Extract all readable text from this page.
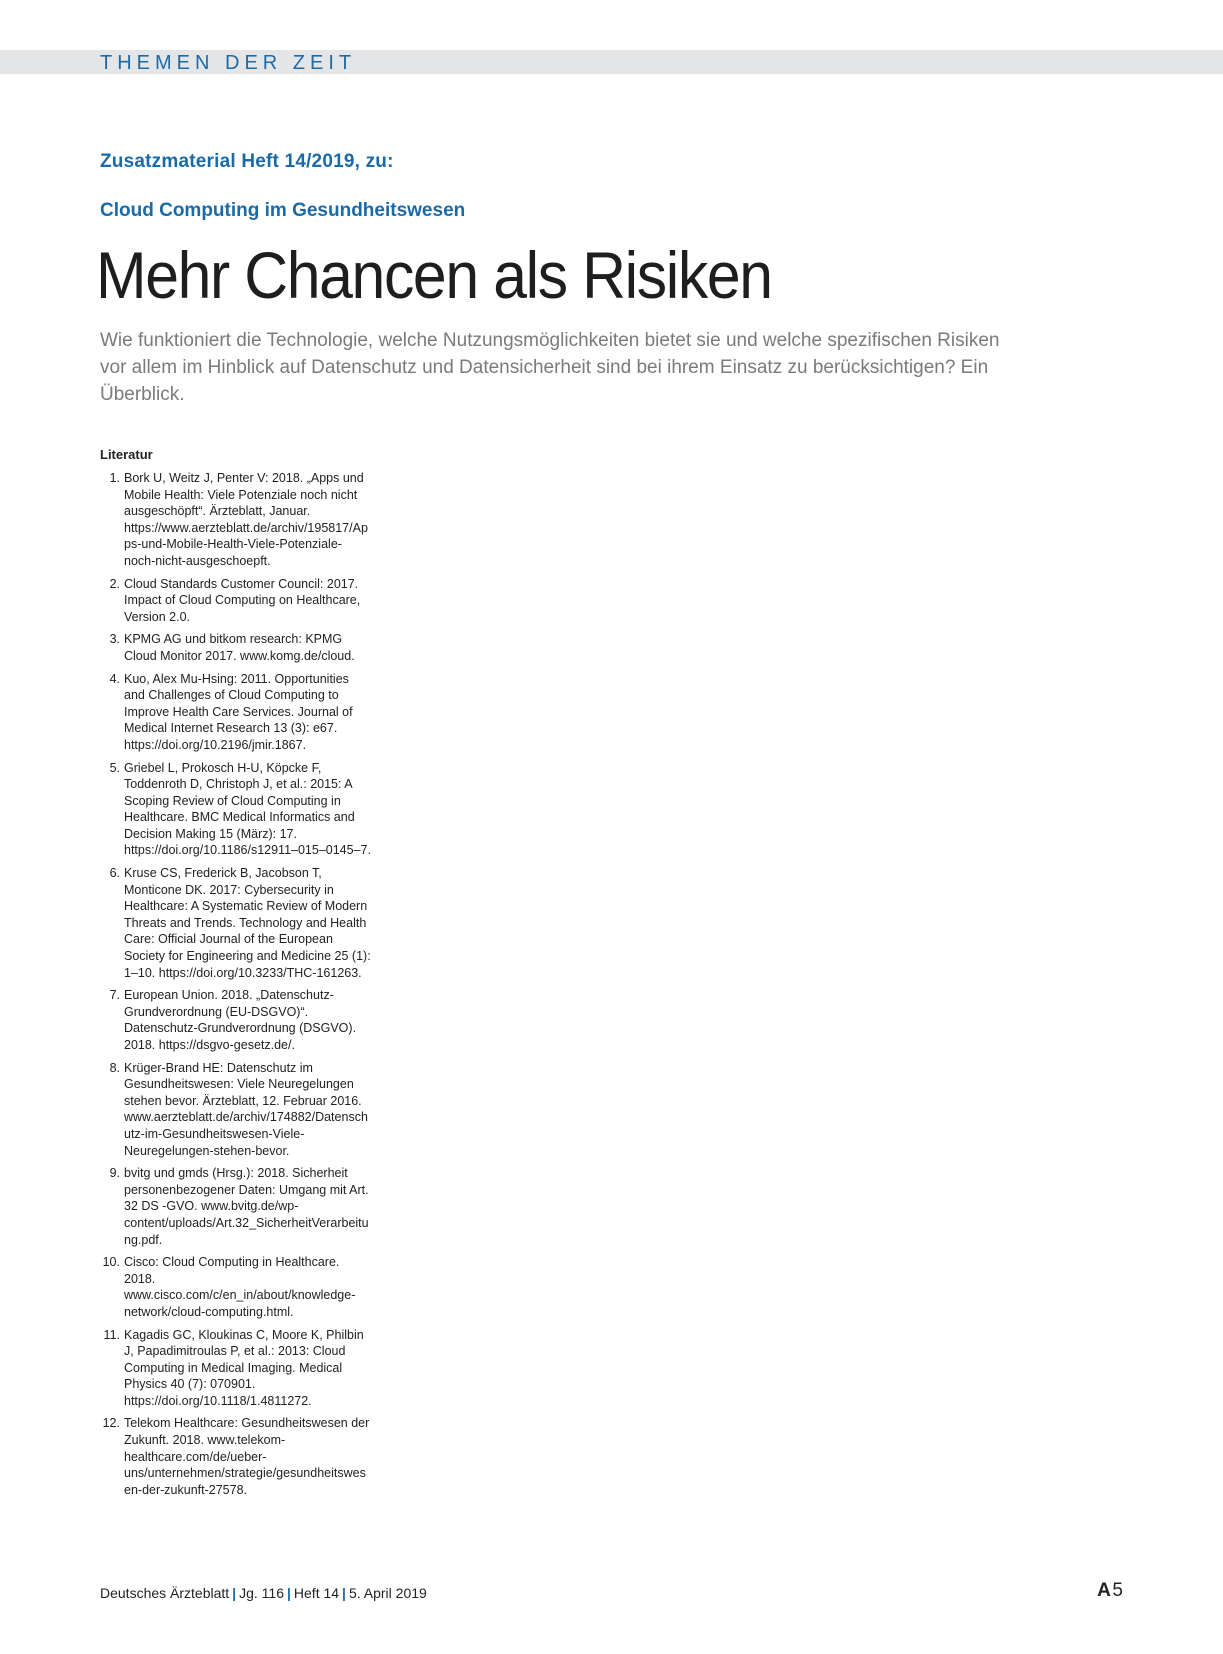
THEMEN DER ZEIT
Zusatzmaterial Heft 14/2019, zu:
Cloud Computing im Gesundheitswesen
Mehr Chancen als Risiken

Wie funktioniert die Technologie, welche Nutzungsmöglichkeiten bietet sie und welche spezifischen Risiken vor allem im Hinblick auf Datenschutz und Datensicherheit sind bei ihrem Einsatz zu berücksichtigen? Ein Überblick.

Literatur
1. Bork U, Weitz J, Penter V: 2018. „Apps und Mobile Health: Viele Potenziale noch nicht ausgeschöpft“. Ärzteblatt, Januar. https://www.aerzteblatt.de/archiv/195817/Apps-und-Mobile-Health-Viele-Potenziale-noch-nicht-ausgeschoepft.
2. Cloud Standards Customer Council: 2017. Impact of Cloud Computing on Healthcare, Version 2.0.
3. KPMG AG und bitkom research: KPMG Cloud Monitor 2017. www.komg.de/cloud.
4. Kuo, Alex Mu-Hsing: 2011. Opportunities and Challenges of Cloud Computing to Improve Health Care Services. Journal of Medical Internet Research 13 (3): e67. https://doi.org/10.2196/jmir.1867.
5. Griebel L, Prokosch H-U, Köpcke F, Toddenroth D, Christoph J, et al.: 2015: A Scoping Review of Cloud Computing in Healthcare. BMC Medical Informatics and Decision Making 15 (März): 17. https://doi.org/10.1186/s12911–015–0145–7.
6. Kruse CS, Frederick B, Jacobson T, Monticone DK. 2017: Cybersecurity in Healthcare: A Systematic Review of Modern Threats and Trends. Technology and Health Care: Official Journal of the European Society for Engineering and Medicine 25 (1): 1–10. https://doi.org/10.3233/THC-161263.
7. European Union. 2018. „Datenschutz-Grundverordnung (EU-DSGVO)“. Datenschutz-Grundverordnung (DSGVO). 2018. https://dsgvo-gesetz.de/.
8. Krüger-Brand HE: Datenschutz im Gesundheitswesen: Viele Neuregelungen stehen bevor. Ärzteblatt, 12. Februar 2016. www.aerzteblatt.de/archiv/174882/Datenschutz-im-Gesundheitswesen-Viele-Neuregelungen-stehen-bevor.
9. bvitg und gmds (Hrsg.): 2018. Sicherheit personenbezogener Daten: Umgang mit Art. 32 DS -GVO. www.bvitg.de/wp-content/uploads/Art.32_SicherheitVerarbeitung.pdf.
10. Cisco: Cloud Computing in Healthcare. 2018. www.cisco.com/c/en_in/about/knowledge-network/cloud-computing.html.
11. Kagadis GC, Kloukinas C, Moore K, Philbin J, Papadimitroulas P, et al.: 2013: Cloud Computing in Medical Imaging. Medical Physics 40 (7): 070901. https://doi.org/10.1118/1.4811272.
12. Telekom Healthcare: Gesundheitswesen der Zukunft. 2018. www.telekom-healthcare.com/de/ueber-uns/unternehmen/strategie/gesundheitswesen-der-zukunft-27578.
Deutsches Ärzteblatt | Jg. 116 | Heft 14 | 5. April 2019	A 5
